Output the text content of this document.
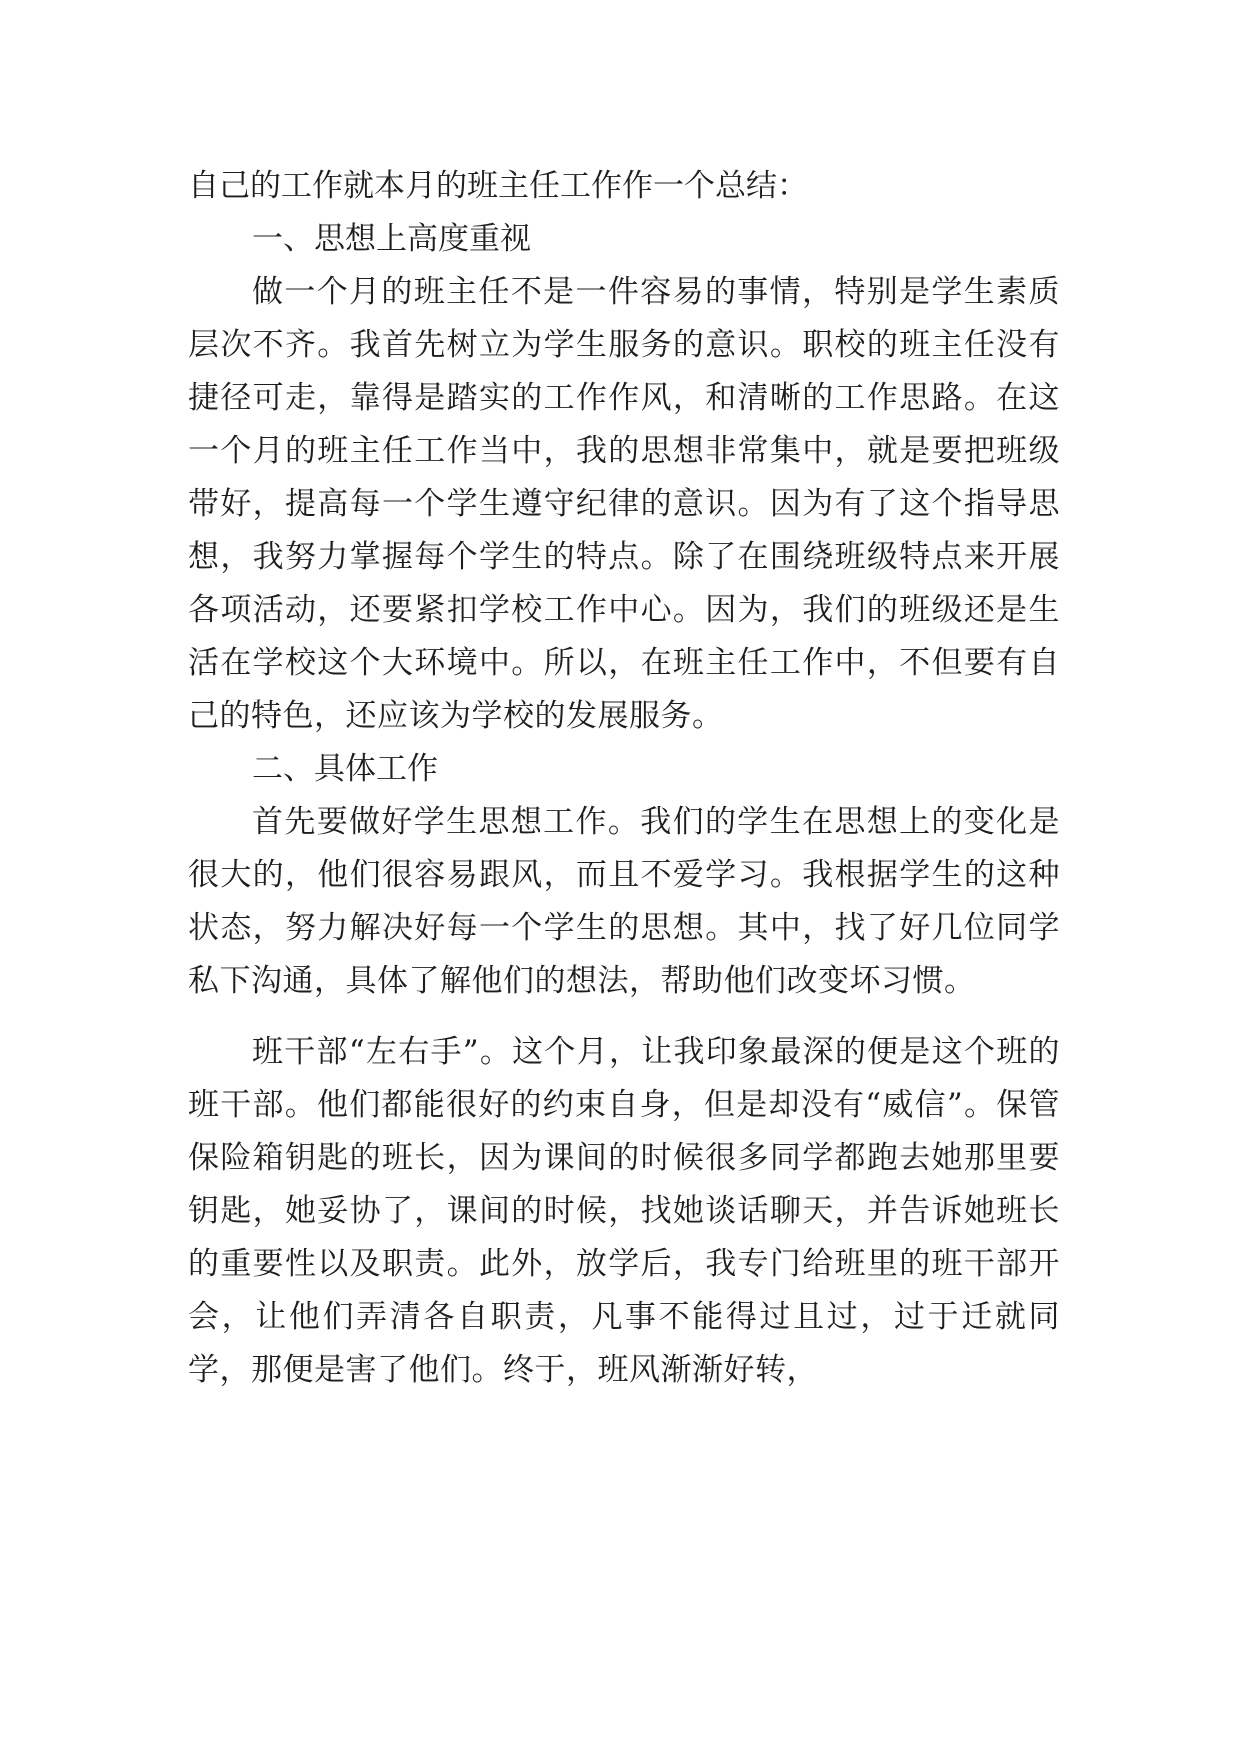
自己的工作就本月的班主任工作作一个总结：

一、思想上高度重视

做一个月的班主任不是一件容易的事情，特别是学生素质层次不齐。我首先树立为学生服务的意识。职校的班主任没有捷径可走，靠得是踏实的工作作风，和清晰的工作思路。在这一个月的班主任工作当中，我的思想非常集中，就是要把班级带好，提高每一个学生遵守纪律的意识。因为有了这个指导思想，我努力掌握每个学生的特点。除了在围绕班级特点来开展各项活动，还要紧扣学校工作中心。因为，我们的班级还是生活在学校这个大环境中。所以，在班主任工作中，不但要有自己的特色，还应该为学校的发展服务。

二、具体工作

首先要做好学生思想工作。我们的学生在思想上的变化是很大的，他们很容易跟风，而且不爱学习。我根据学生的这种状态，努力解决好每一个学生的思想。其中，找了好几位同学私下沟通，具体了解他们的想法，帮助他们改变坏习惯。

班干部“左右手”。这个月，让我印象最深的便是这个班的班干部。他们都能很好的约束自身，但是却没有“威信”。保管保险箱钥匙的班长，因为课间的时候很多同学都跑去她那里要钥匙，她妥协了，课间的时候，找她谈话聊天，并告诉她班长的重要性以及职责。此外，放学后，我专门给班里的班干部开会，让他们弄清各自职责，凡事不能得过且过，过于迁就同学，那便是害了他们。终于，班风渐渐好转，
